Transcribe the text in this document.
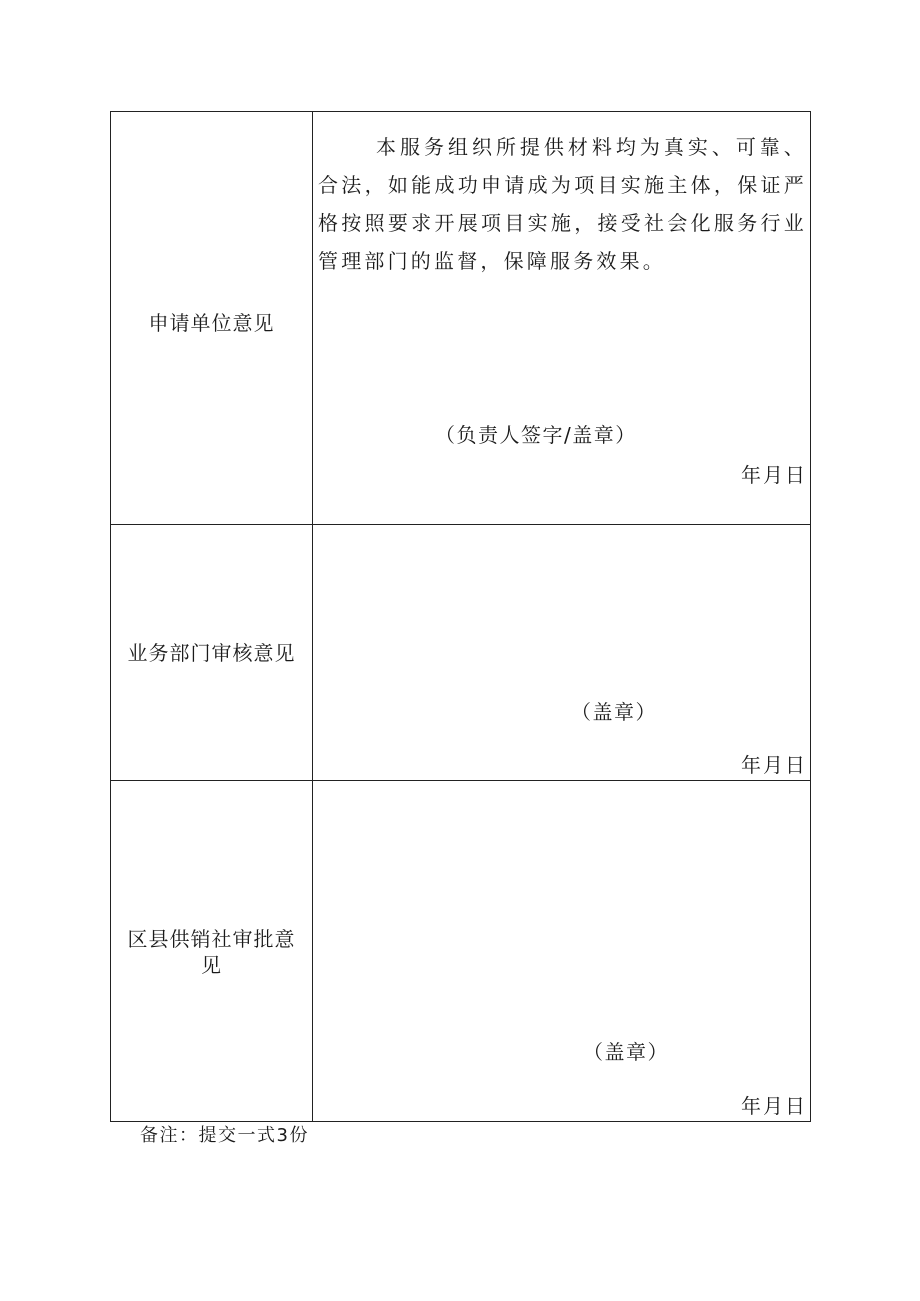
申请单位意见	本服务组织所提供材料均为真实、可靠、合法，如能成功申请成为项目实施主体，保证严格按照要求开展项目实施，接受社会化服务行业管理部门的监督，保障服务效果。
（负责人签字/盖章）
年月日

业务部门审核意见	（盖章）
年月日

区县供销社审批意见	（盖章）
年月日
备注：提交一式3份
